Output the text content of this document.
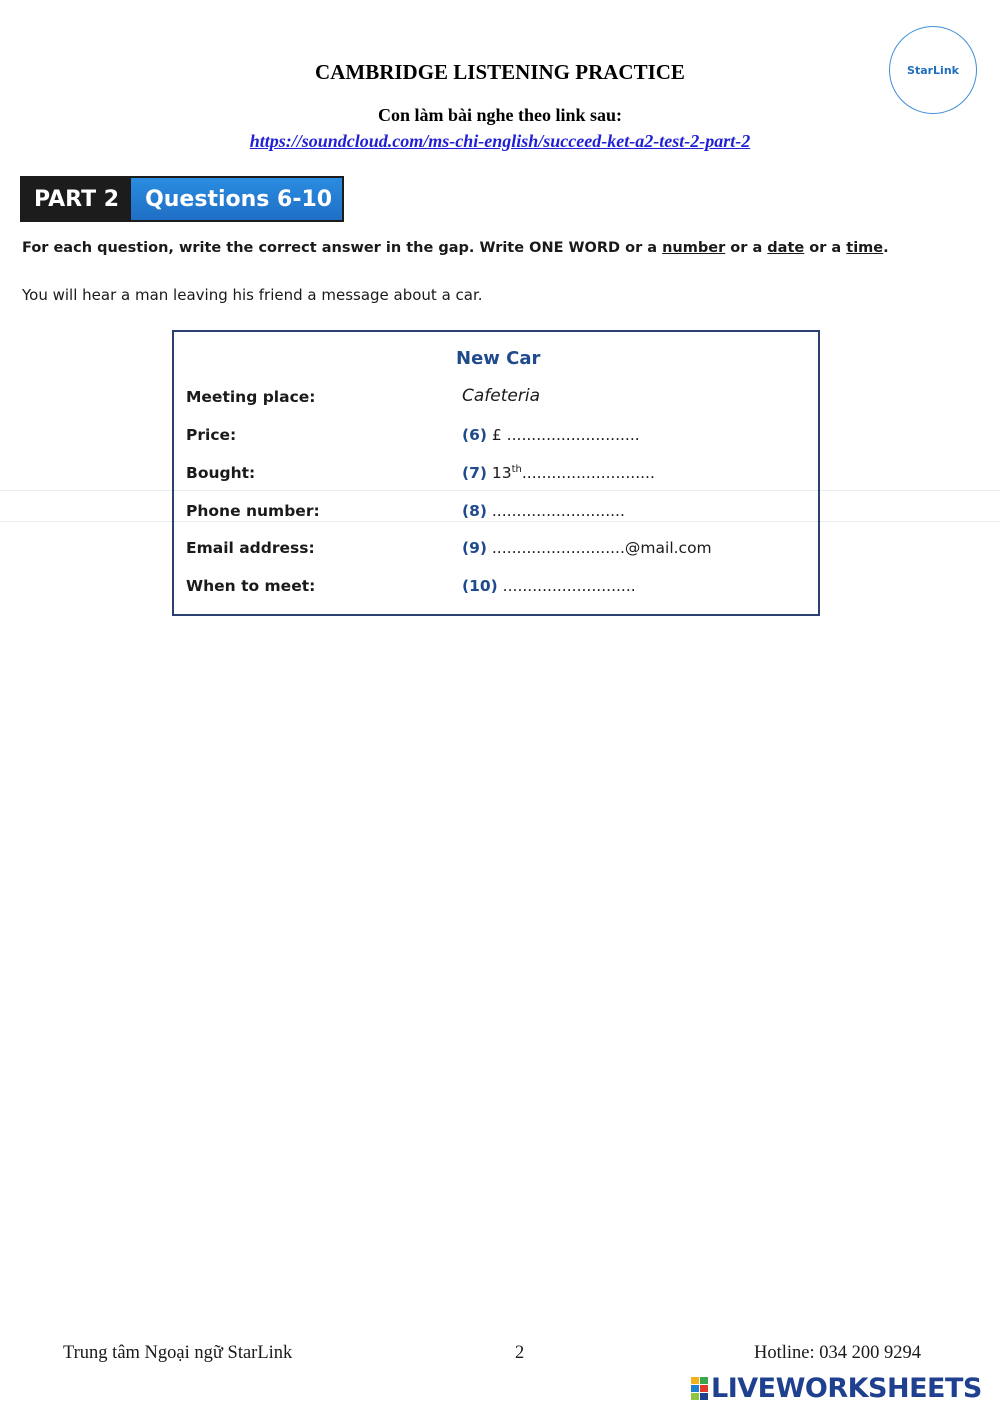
CAMBRIDGE LISTENING PRACTICE
Con làm bài nghe theo link sau:
https://soundcloud.com/ms-chi-english/succeed-ket-a2-test-2-part-2
StarLink
PART 2	Questions 6-10
For each question, write the correct answer in the gap. Write ONE WORD or a number or a date or a time.
You will hear a man leaving his friend a message about a car.
New Car
Meeting place:	Cafeteria
Price:	(6) £ ...........................
Bought:	(7) 13th...........................
Phone number:	(8) ...........................
Email address:	(9) ...........................@mail.com
When to meet:	(10) ...........................
Trung tâm Ngoại ngữ StarLink	2	Hotline: 034 200 9294
LIVEWORKSHEETS
